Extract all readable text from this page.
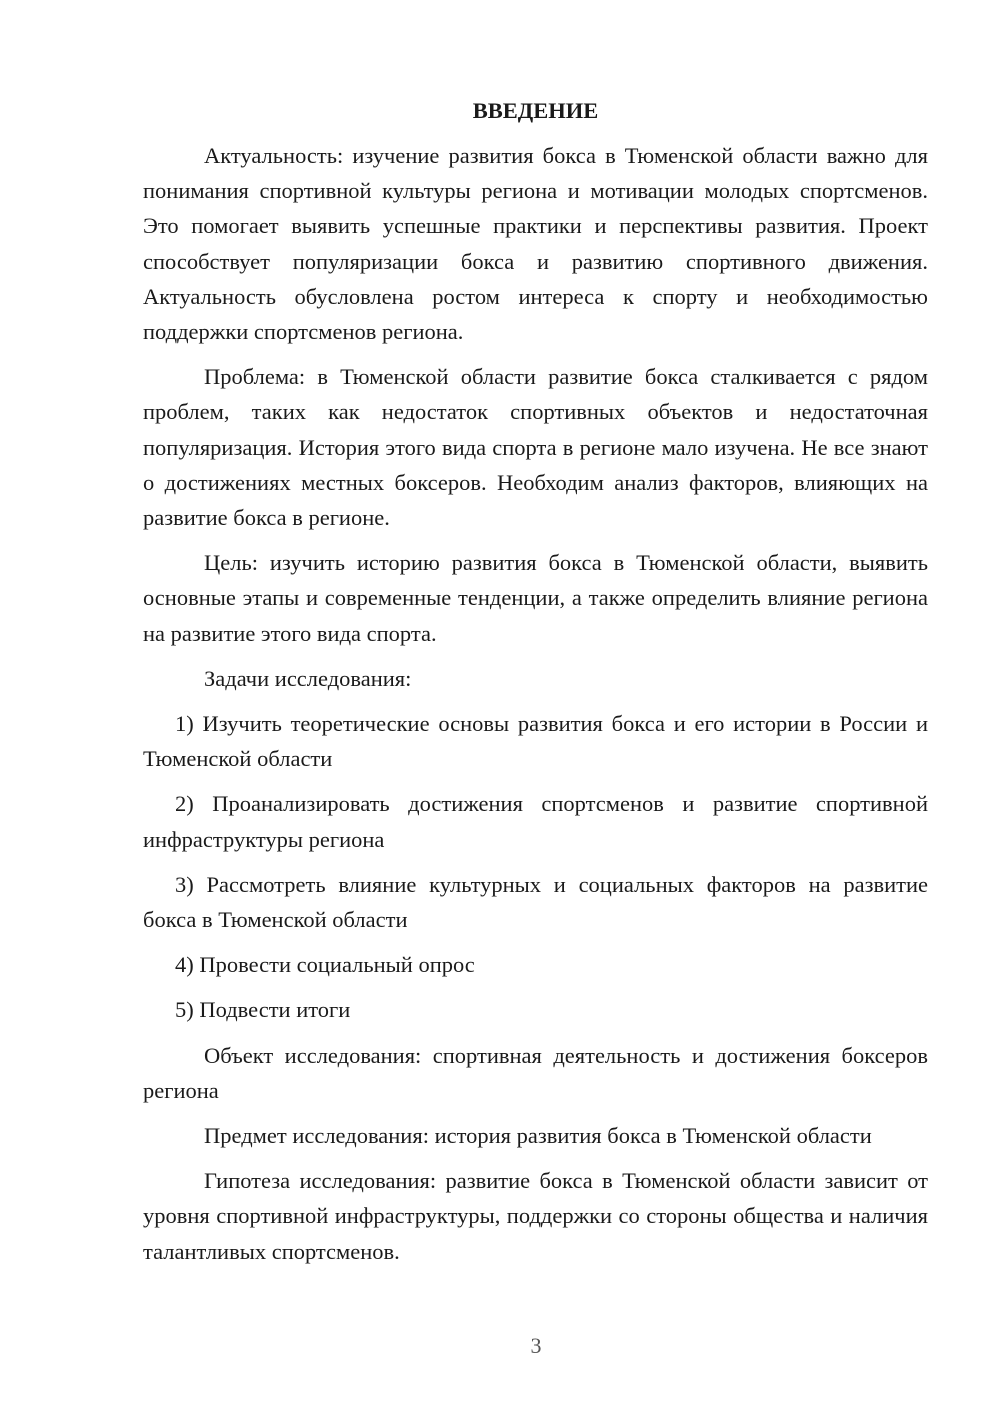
ВВЕДЕНИЕ

Актуальность: изучение развития бокса в Тюменской области важно для понимания спортивной культуры региона и мотивации молодых спортсменов. Это помогает выявить успешные практики и перспективы развития. Проект способствует популяризации бокса и развитию спортивного движения. Актуальность обусловлена ростом интереса к спорту и необходимостью поддержки спортсменов региона.

Проблема: в Тюменской области развитие бокса сталкивается с рядом проблем, таких как недостаток спортивных объектов и недостаточная популяризация. История этого вида спорта в регионе мало изучена. Не все знают о достижениях местных боксеров. Необходим анализ факторов, влияющих на развитие бокса в регионе.

Цель: изучить историю развития бокса в Тюменской области, выявить основные этапы и современные тенденции, а также определить влияние региона на развитие этого вида спорта.

Задачи исследования:

1) Изучить теоретические основы развития бокса и его истории в России и Тюменской области

2) Проанализировать достижения спортсменов и развитие спортивной инфраструктуры региона

3) Рассмотреть влияние культурных и социальных факторов на развитие бокса в Тюменской области

4) Провести социальный опрос

5) Подвести итоги

Объект исследования: спортивная деятельность и достижения боксеров региона

Предмет исследования: история развития бокса в Тюменской области

Гипотеза исследования: развитие бокса в Тюменской области зависит от уровня спортивной инфраструктуры, поддержки со стороны общества и наличия талантливых спортсменов.

3
